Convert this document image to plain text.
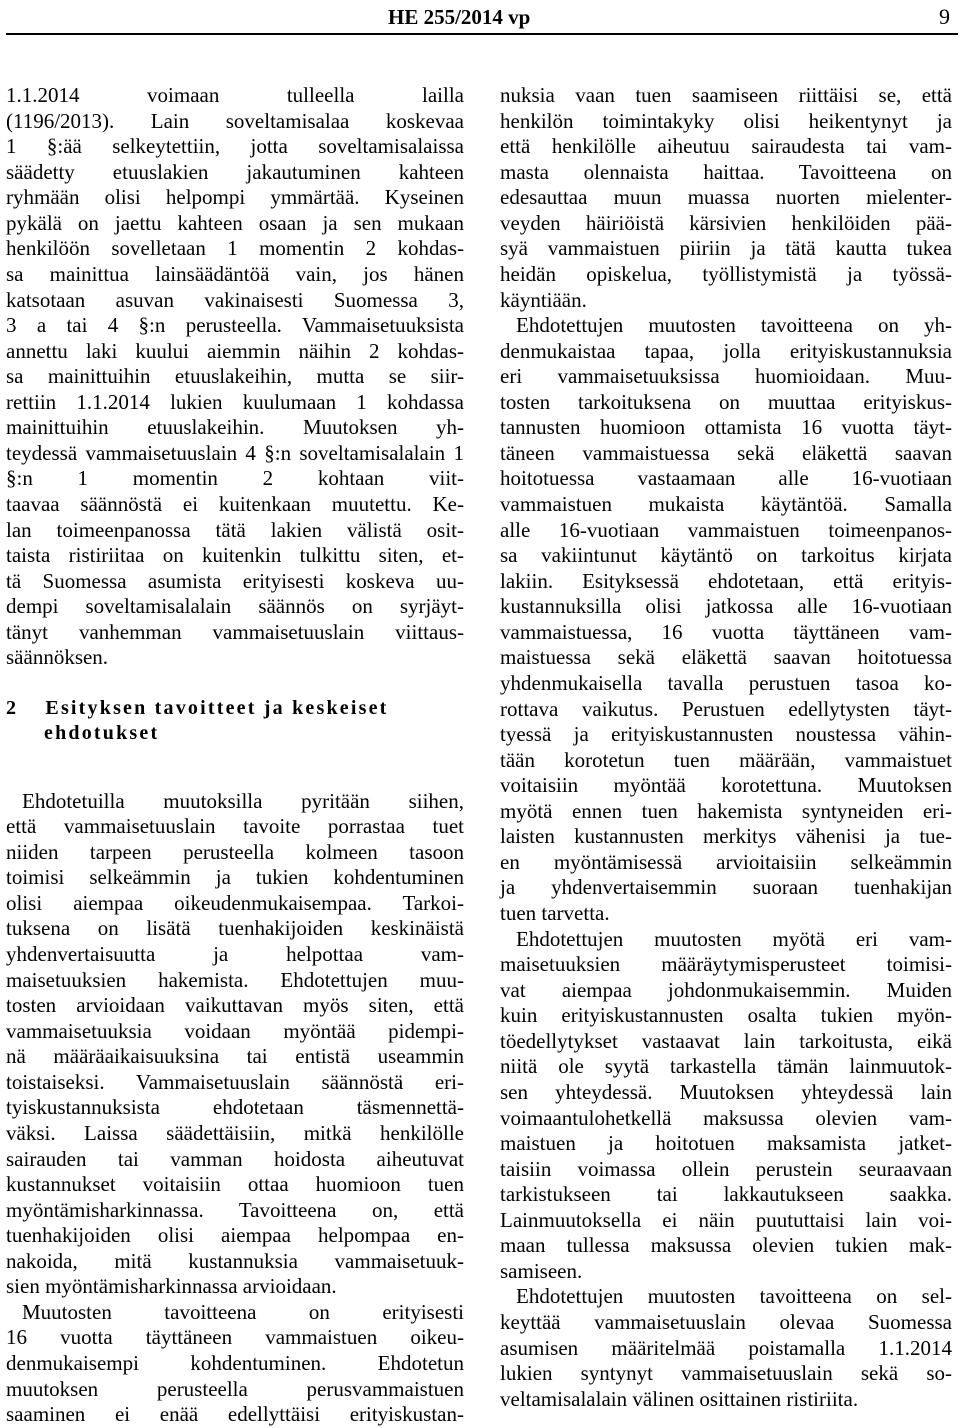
HE 255/2014 vp	9
1.1.2014 voimaan tulleella lailla
(1196/2013). Lain soveltamisalaa koskevaa
1 §:ää selkeytettiin, jotta soveltamisalaissa
säädetty etuuslakien jakautuminen kahteen
ryhmään olisi helpompi ymmärtää. Kyseinen
pykälä on jaettu kahteen osaan ja sen mukaan
henkilöön sovelletaan 1 momentin 2 kohdas-
sa mainittua lainsäädäntöä vain, jos hänen
katsotaan asuvan vakinaisesti Suomessa 3,
3 a tai 4 §:n perusteella. Vammaisetuuksista
annettu laki kuului aiemmin näihin 2 kohdas-
sa mainittuihin etuuslakeihin, mutta se siir-
rettiin 1.1.2014 lukien kuulumaan 1 kohdassa
mainittuihin etuuslakeihin. Muutoksen yh-
teydessä vammaisetuuslain 4 §:n soveltamisalalain 1 §:n 1 momentin 2 kohtaan viit-
taavaa säännöstä ei kuitenkaan muutettu. Ke-
lan toimeenpanossa tätä lakien välistä osit-
taista ristiriitaa on kuitenkin tulkittu siten, et-
tä Suomessa asumista erityisesti koskeva uu-
dempi soveltamisalalain säännös on syrjäyt-
tänyt vanhemman vammaisetuuslain viittaus-
säännöksen.
2 Esityksen tavoitteet ja keskeiset
ehdotukset
Ehdotetuilla muutoksilla pyritään siihen,
että vammaisetuuslain tavoite porrastaa tuet
niiden tarpeen perusteella kolmeen tasoon
toimisi selkeämmin ja tukien kohdentuminen
olisi aiempaa oikeudenmukaisempaa. Tarkoi-
tuksena on lisätä tuenhakijoiden keskinäistä
yhdenvertaisuutta ja helpottaa vam-
maisetuuksien hakemista. Ehdotettujen muu-
tosten arvioidaan vaikuttavan myös siten, että
vammaisetuuksia voidaan myöntää pidempi-
nä määräaikaisuuksina tai entistä useammin
toistaiseksi. Vammaisetuuslain säännöstä eri-
tyiskustannuksista ehdotetaan täsmennettä-
väksi. Laissa säädettäisiin, mitkä henkilölle
sairauden tai vamman hoidosta aiheutuvat
kustannukset voitaisiin ottaa huomioon tuen
myöntämisharkinnassa. Tavoitteena on, että
tuenhakijoiden olisi aiempaa helpompaa en-
nakoida, mitä kustannuksia vammaisetuuk-
sien myöntämisharkinnassa arvioidaan.
Muutosten tavoitteena on erityisesti
16 vuotta täyttäneen vammaistuen oikeu-
denmukaisempi kohdentuminen. Ehdotetun
muutoksen perusteella perusvammaistuen
saaminen ei enää edellyttäisi erityiskustan-
nuksia vaan tuen saamiseen riittäisi se, että
henkilön toimintakyky olisi heikentynyt ja
että henkilölle aiheutuu sairaudesta tai vam-
masta olennaista haittaa. Tavoitteena on
edesauttaa muun muassa nuorten mielenter-
veyden häiriöistä kärsivien henkilöiden pää-
syä vammaistuen piiriin ja tätä kautta tukea
heidän opiskelua, työllistymistä ja työssä-
käyntiään.
Ehdotettujen muutosten tavoitteena on yh-
denmukaistaa tapaa, jolla erityiskustannuksia
eri vammaisetuuksissa huomioidaan. Muu-
tosten tarkoituksena on muuttaa erityiskus-
tannusten huomioon ottamista 16 vuotta täyt-
täneen vammaistuessa sekä eläkettä saavan
hoitotuessa vastaamaan alle 16-vuotiaan
vammaistuen mukaista käytäntöä. Samalla
alle 16-vuotiaan vammaistuen toimeenpanos-
sa vakiintunut käytäntö on tarkoitus kirjata
lakiin. Esityksessä ehdotetaan, että erityis-
kustannuksilla olisi jatkossa alle 16-vuotiaan
vammaistuessa, 16 vuotta täyttäneen vam-
maistuessa sekä eläkettä saavan hoitotuessa
yhdenmukaisella tavalla perustuen tasoa ko-
rottava vaikutus. Perustuen edellytysten täyt-
tyessä ja erityiskustannusten noustessa vähin-
tään korotetun tuen määrään, vammaistuet
voitaisiin myöntää korotettuna. Muutoksen
myötä ennen tuen hakemista syntyneiden eri-
laisten kustannusten merkitys vähenisi ja tue-
en myöntämisessä arvioitaisiin selkeämmin
ja yhdenvertaisemmin suoraan tuenhakijan
tuen tarvetta.
Ehdotettujen muutosten myötä eri vam-
maisetuuksien määräytymisperusteet toimisi-
vat aiempaa johdonmukaisemmin. Muiden
kuin erityiskustannusten osalta tukien myön-
töedellytykset vastaavat lain tarkoitusta, eikä
niitä ole syytä tarkastella tämän lainmuutok-
sen yhteydessä. Muutoksen yhteydessä lain
voimaantulohetkellä maksussa olevien vam-
maistuen ja hoitotuen maksamista jatket-
taisiin voimassa ollein perustein seuraavaan
tarkistukseen tai lakkautukseen saakka.
Lainmuutoksella ei näin puututtaisi lain voi-
maan tullessa maksussa olevien tukien mak-
samiseen.
Ehdotettujen muutosten tavoitteena on sel-
keyttää vammaisetuuslain olevaa Suomessa
asumisen määritelmää poistamalla 1.1.2014
lukien syntynyt vammaisetuuslain sekä so-
veltamisalalain välinen osittainen ristiriita.
